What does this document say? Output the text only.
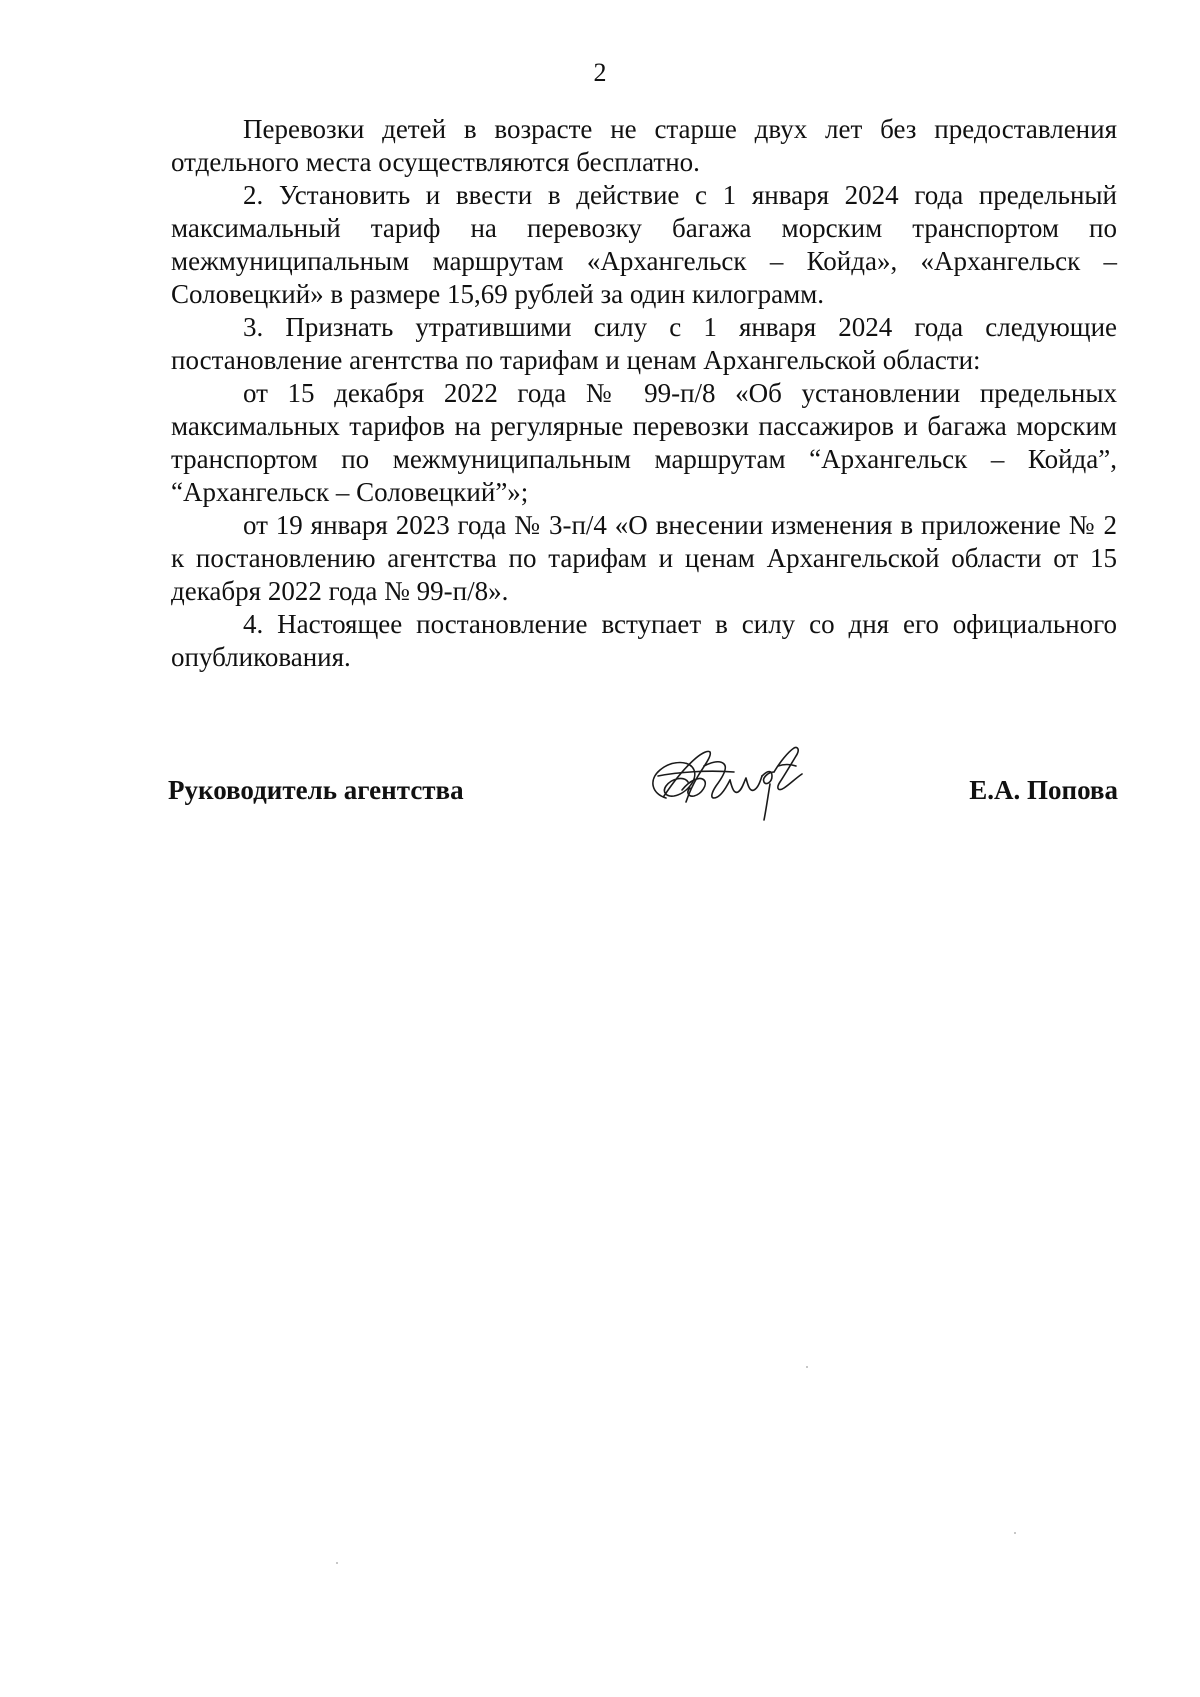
2

Перевозки детей в возрасте не старше двух лет без предоставления отдельного места осуществляются бесплатно.

2. Установить и ввести в действие с 1 января 2024 года предельный максимальный тариф на перевозку багажа морским транспортом по межмуниципальным маршрутам «Архангельск – Койда», «Архангельск – Соловецкий» в размере 15,69 рублей за один килограмм.

3. Признать утратившими силу с 1 января 2024 года следующие постановление агентства по тарифам и ценам Архангельской области:

от 15 декабря 2022 года № 99-п/8 «Об установлении предельных максимальных тарифов на регулярные перевозки пассажиров и багажа морским транспортом по межмуниципальным маршрутам “Архангельск – Койда”, “Архангельск – Соловецкий”»;

от 19 января 2023 года № 3-п/4 «О внесении изменения в приложение № 2 к постановлению агентства по тарифам и ценам Архангельской области от 15 декабря 2022 года № 99-п/8».

4. Настоящее постановление вступает в силу со дня его официального опубликования.

Руководитель агентства	Е.А. Попова
